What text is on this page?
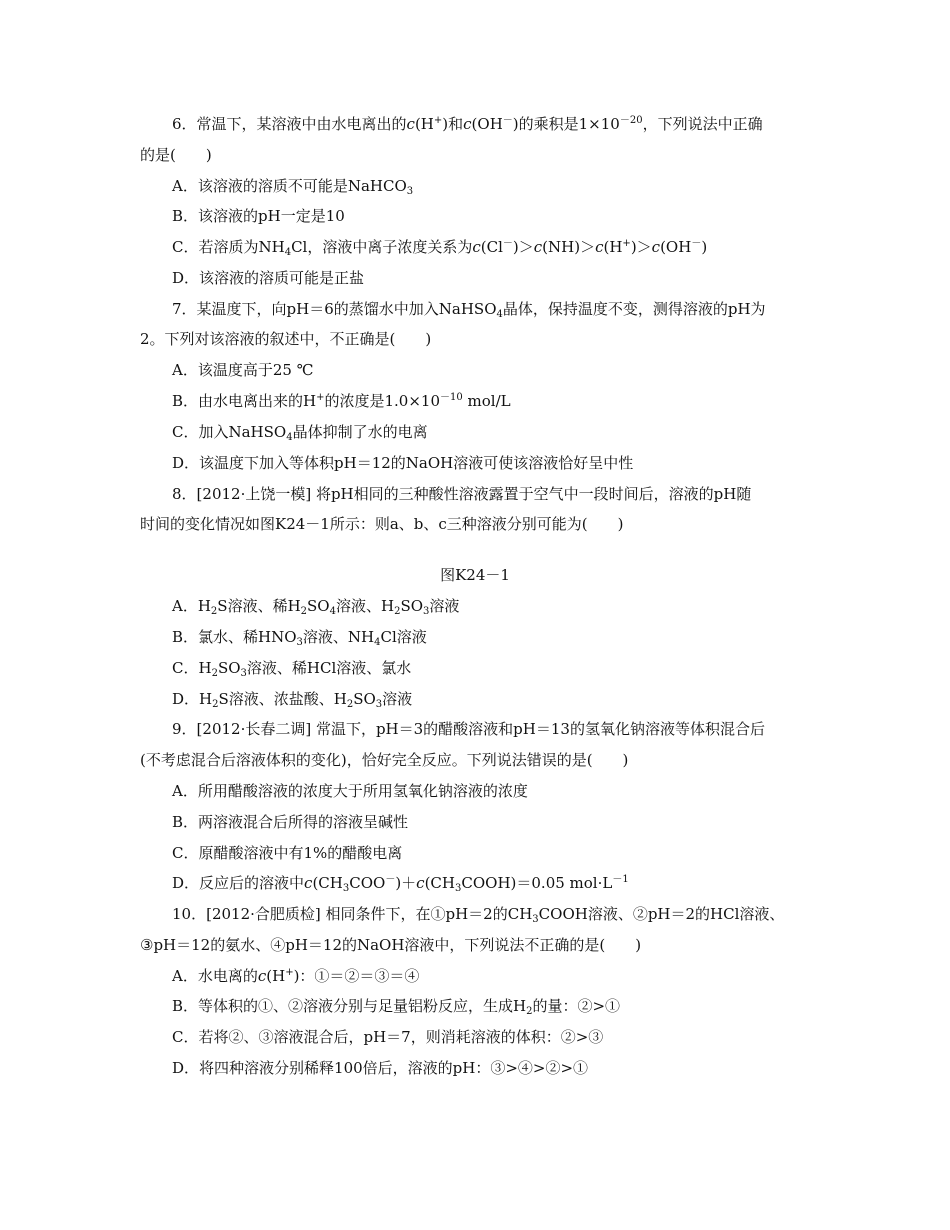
6．常温下，某溶液中由水电离出的c(H+)和c(OH－)的乘积是$1\times 10^{-20}$，下列说法中正确
的是(　　)
A．该溶液的溶质不可能是NaHCO$_3$
B．该溶液的pH一定是10
C．若溶质为$NH_4Cl$，溶液中离子浓度关系为c(Cl－)＞c(NH)＞c(H+)＞c(OH－)
D．该溶液的溶质可能是正盐
7．某温度下，向pH＝6的蒸馏水中加入NaHSO$_4$晶体，保持温度不变，测得溶液的pH为
2。下列对该溶液的叙述中，不正确是(　　)
A．该温度高于25 ℃
B．由水电离出来的H+的浓度是$1.0\times 10^{-10}$ mol/L
C．加入NaHSO$_4$晶体抑制了水的电离
D．该温度下加入等体积pH＝12的NaOH溶液可使该溶液恰好呈中性
8．[2012·上饶一模] 将pH相同的三种酸性溶液露置于空气中一段时间后，溶液的pH随
时间的变化情况如图K24－1所示：则a、b、c三种溶液分别可能为(　　)
图K24－1
A．$H_2S$溶液、稀$H_2SO_4$溶液、$H_2SO_3$溶液
B．氯水、稀$HNO_3$溶液、$NH_4Cl$溶液
C．$H_2SO_3$溶液、稀HCl溶液、氯水
D．$H_2S$溶液、浓盐酸、$H_2SO_3$溶液
9．[2012·长春二调] 常温下，pH＝3的醋酸溶液和pH＝13的氢氧化钠溶液等体积混合后
(不考虑混合后溶液体积的变化)，恰好完全反应。下列说法错误的是(　　)
A．所用醋酸溶液的浓度大于所用氢氧化钠溶液的浓度
B．两溶液混合后所得的溶液呈碱性
C．原醋酸溶液中有1%的醋酸电离
D．反应后的溶液中$c(CH_3COO^-)+c(CH_3COOH)=0.05$ $mol\cdot L^{-1}$
10．[2012·合肥质检] 相同条件下，在①pH＝2的$CH_3COOH$溶液、②pH＝2的HCl溶液、
③pH＝12的氨水、④pH＝12的NaOH溶液中，下列说法不正确的是(　　)
A．水电离的c(H+)：①＝②＝③＝④
B．等体积的①、②溶液分别与足量铝粉反应，生成$H_2$的量：②>①
C．若将②、③溶液混合后，pH＝7，则消耗溶液的体积：②>③
D．将四种溶液分别稀释100倍后，溶液的pH：③>④>②>①
